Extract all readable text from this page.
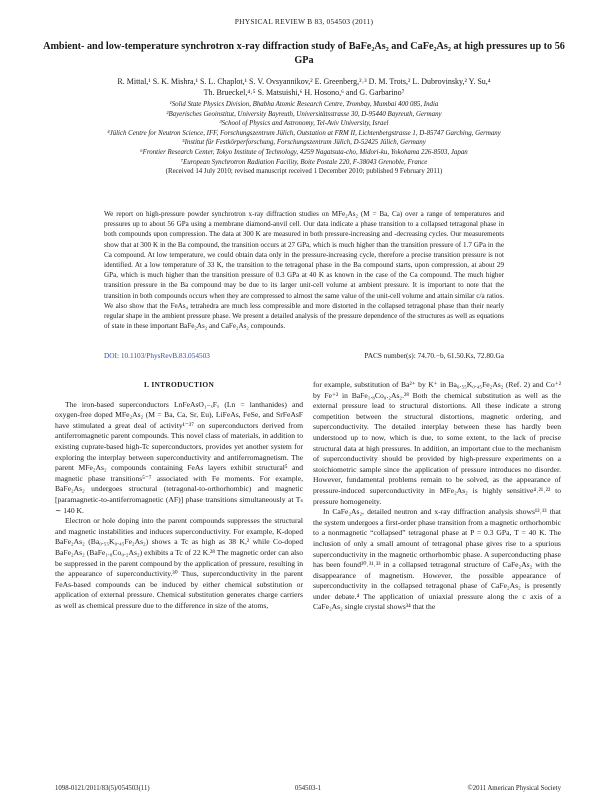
PHYSICAL REVIEW B 83, 054503 (2011)
Ambient- and low-temperature synchrotron x-ray diffraction study of BaFe₂As₂ and CaFe₂As₂ at high pressures up to 56 GPa
R. Mittal,¹ S. K. Mishra,¹ S. L. Chaplot,¹ S. V. Ovsyannikov,² E. Greenberg,²˒³ D. M. Trots,² L. Dubrovinsky,² Y. Su,⁴
Th. Brueckel,⁴˒⁵ S. Matsuishi,⁶ H. Hosono,⁶ and G. Garbarino⁷
¹Solid State Physics Division, Bhabha Atomic Research Centre, Trombay, Mumbai 400 085, India
²Bayerisches Geoinstitut, University Bayreuth, Universitätsstrasse 30, D-95440 Bayreuth, Germany
³School of Physics and Astronomy, Tel-Aviv University, Israel
⁴Jülich Centre for Neutron Science, IFF, Forschungszentrum Jülich, Outstation at FRM II, Lichtenbergstrasse 1, D-85747 Garching, Germany
⁵Institut für Festkörperforschung, Forschungszentrum Jülich, D-52425 Jülich, Germany
⁶Frontier Research Center, Tokyo Institute of Technology, 4259 Nagatsuta-cho, Midori-ku, Yokohama 226-8503, Japan
⁷European Synchrotron Radiation Facility, Boite Postale 220, F-38043 Grenoble, France
(Received 14 July 2010; revised manuscript received 1 December 2010; published 9 February 2011)
We report on high-pressure powder synchrotron x-ray diffraction studies on MFe₂As₂ (M = Ba, Ca) over a range of temperatures and pressures up to about 56 GPa using a membrane diamond-anvil cell. Our data indicate a phase transition to a collapsed tetragonal phase in both compounds upon compression. The data at 300 K are measured in both pressure-increasing and -decreasing cycles. Our measurements show that at 300 K in the Ba compound, the transition occurs at 27 GPa, which is much higher than the transition pressure of 1.7 GPa in the Ca compound. At low temperature, we could obtain data only in the pressure-increasing cycle, therefore a precise transition pressure is not identified. At a low temperature of 33 K, the transition to the tetragonal phase in the Ba compound starts, upon compression, at about 29 GPa, which is much higher than the transition pressure of 0.3 GPa at 40 K as known in the case of the Ca compound. The much higher transition pressure in the Ba compound may be due to its larger unit-cell volume at ambient pressure. It is important to note that the transition in both compounds occurs when they are compressed to almost the same value of the unit-cell volume and attain similar c/a ratios. We also show that the FeAs₄ tetrahedra are much less compressible and more distorted in the collapsed tetragonal phase than their nearly regular shape in the ambient pressure phase. We present a detailed analysis of the pressure dependence of the structures as well as equations of state in these important BaFe₂As₂ and CaFe₂As₂ compounds.
DOI: 10.1103/PhysRevB.83.054503	PACS number(s): 74.70.−b, 61.50.Ks, 72.80.Ga
I. INTRODUCTION

The iron-based superconductors LnFeAsO₁₋ₓFₓ (Ln = lanthanides) and oxygen-free doped MFe₂As₂ (M = Ba, Ca, Sr, Eu), LiFeAs, FeSe, and SrFeAsF have stimulated a great deal of activity¹⁻³⁷ on superconductors derived from antiferromagnetic parent compounds. This novel class of materials, in addition to existing cuprate-based high-Tc superconductors, provides yet another system for exploring the interplay between superconductivity and antiferromagnetism. The parent MFe₂As₂ compounds containing FeAs layers exhibit structural⁵ and magnetic phase transitions⁵⁻⁷ associated with Fe moments. For example, BaFe₂As₂ undergoes structural (tetragonal-to-orthorhombic) and magnetic [paramagnetic-to-antiferromagnetic (AF)] phase transitions simultaneously at Tₛ ∼ 140 K.

Electron or hole doping into the parent compounds suppresses the structural and magnetic instabilities and induces superconductivity. For example, K-doped BaFe₂As₂ (Ba₀.₅₅K₀.₄₅Fe₂As₂) shows a Tc as high as 38 K,² while Co-doped BaFe₂As₂ (BaFe₁.₈Co₀.₂As₂) exhibits a Tc of 22 K.²⁸ The magnetic order can also be suppressed in the parent compound by the application of pressure, resulting in the appearance of superconductivity.³⁰ Thus, superconductivity in the parent FeAs-based compounds can be induced by either chemical substitution or application of external pressure. Chemical substitution generates charge carriers as well as chemical pressure due to the difference in size of the atoms,

for example, substitution of Ba²⁺ by K⁺ in Ba₀.₅₅K₀.₄₅Fe₂As₂ (Ref. 2) and Co⁺² by Fe⁺² in BaFe₁.₈Co₀.₂As₂.²⁸ Both the chemical substitution as well as the external pressure lead to structural distortions. All these indicate a strong competition between the structural distortions, magnetic ordering, and superconductivity. The detailed interplay between these has hardly been understood up to now, which is due, to some extent, to the lack of precise structural data at high pressures. In addition, an important clue to the mechanism of superconductivity should be provided by high-pressure experiments on a stoichiometric sample since the application of pressure introduces no disorder. However, fundamental problems remain to be solved, as the appearance of pressure-induced superconductivity in MFe₂As₂ is highly sensitive⁴˒²¹˒²² to pressure homogeneity.

In CaFe₂As₂, detailed neutron and x-ray diffraction analysis shows¹²˒¹³ that the system undergoes a first-order phase transition from a magnetic orthorhombic to a nonmagnetic “collapsed” tetragonal phase at P = 0.3 GPa, T = 40 K. The inclusion of only a small amount of tetragonal phase gives rise to a spurious superconductivity in the magnetic orthorhombic phase. A superconducting phase has been found³⁰˒³¹˒³³ in a collapsed tetragonal structure of CaFe₂As₂ with the disappearance of magnetism. However, the possible appearance of superconductivity in the collapsed tetragonal phase of CaFe₂As₂ is presently under debate.⁴ The application of uniaxial pressure along the c axis of a CaFe₂As₂ single crystal shows³⁴ that the

1098-0121/2011/83(5)/054503(11)	054503-1	©2011 American Physical Society
